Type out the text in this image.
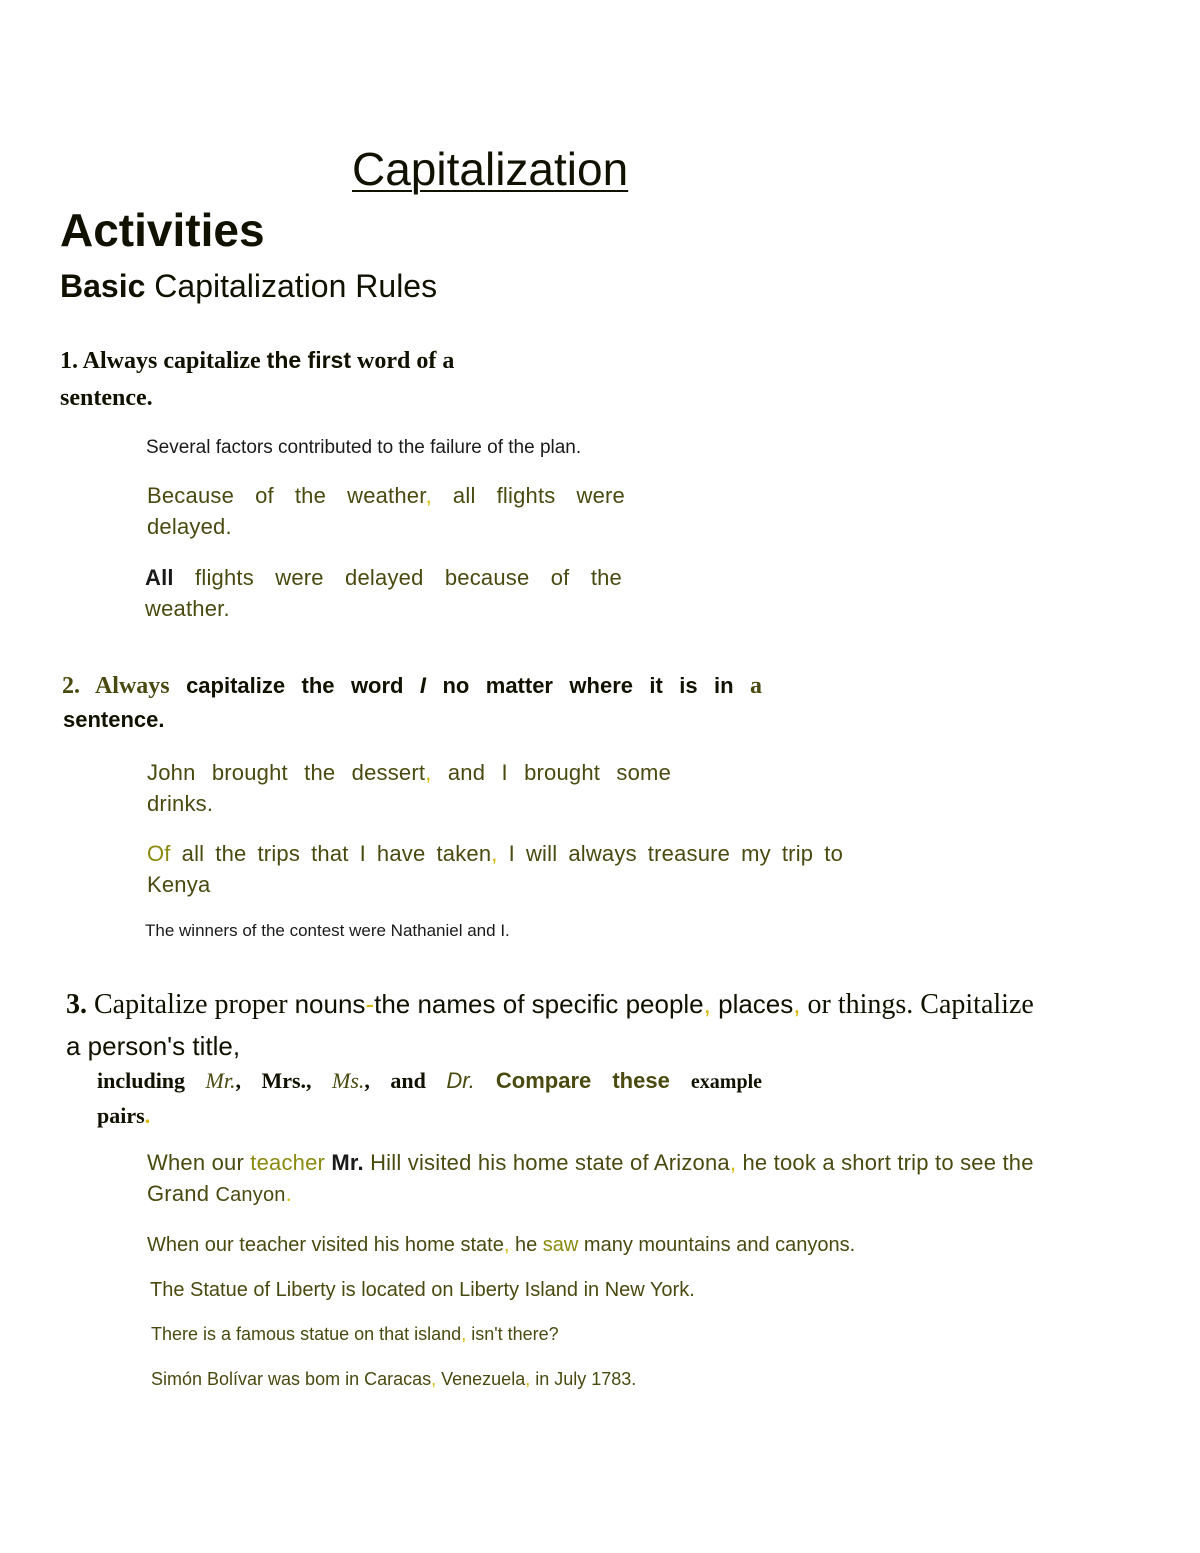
Capitalization
Activities
Basic Capitalization Rules
1. Always capitalize the first word of a
sentence.
Several factors contributed to the failure of the plan.
Because of the weather, all flights were
delayed.
All flights were delayed because of the
weather.
2. Always capitalize the word I no matter where it is in a
sentence.
John brought the dessert, and I brought some
drinks.
Of all the trips that I have taken, I will always treasure my trip to
Kenya
The winners of the contest were Nathaniel and I.
3. Capitalize proper nouns-the names of specific people, places, or things. Capitalize
a person's title,
including Mr., Mrs., Ms., and Dr. Compare these example
pairs.
When our teacher Mr. Hill visited his home state of Arizona, he took a short trip to see the
Grand Canyon.
When our teacher visited his home state, he saw many mountains and canyons.
The Statue of Liberty is located on Liberty Island in New York.
There is a famous statue on that island, isn't there?
Simón Bolívar was bom in Caracas, Venezuela, in July 1783.
